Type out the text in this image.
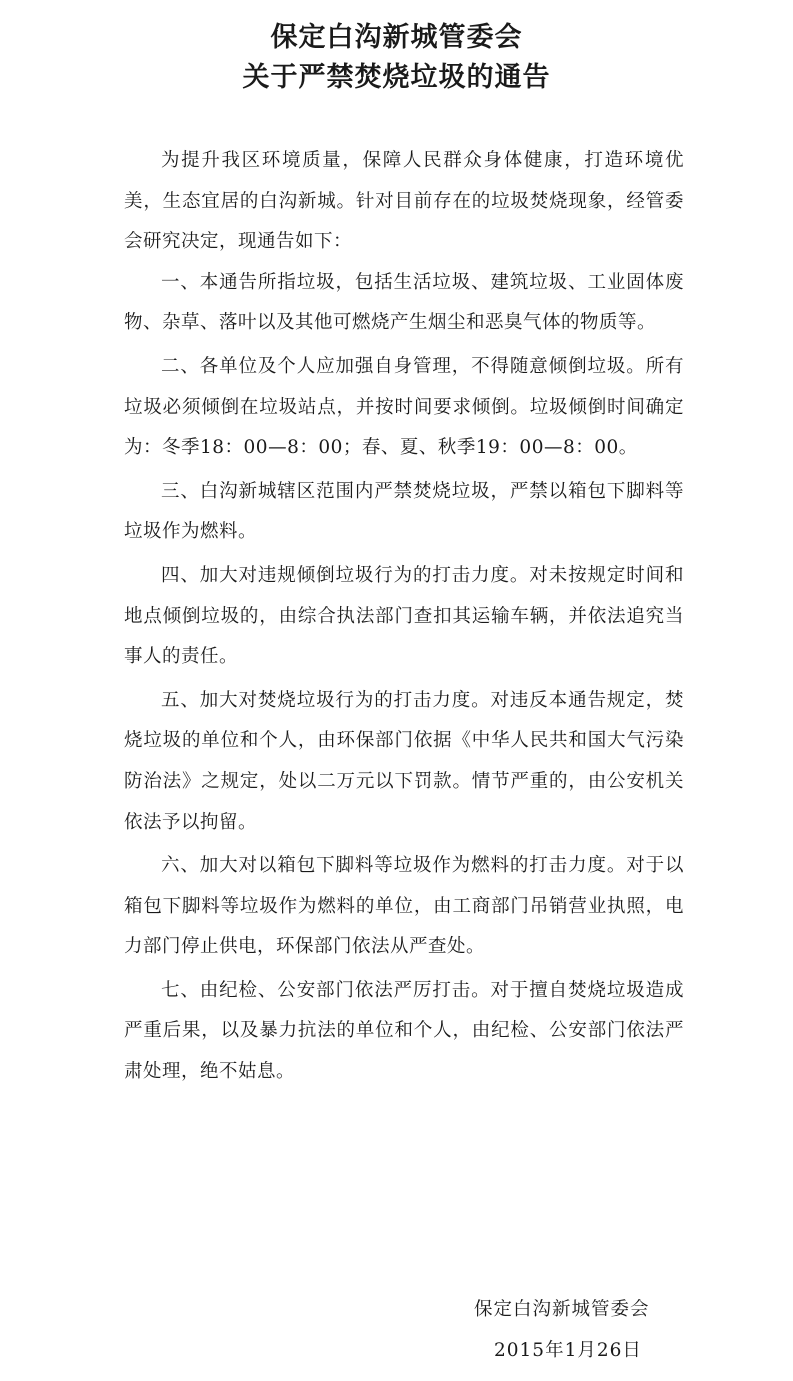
保定白沟新城管委会
关于严禁焚烧垃圾的通告

为提升我区环境质量，保障人民群众身体健康，打造环境优美，生态宜居的白沟新城。针对目前存在的垃圾焚烧现象，经管委会研究决定，现通告如下：

一、本通告所指垃圾，包括生活垃圾、建筑垃圾、工业固体废物、杂草、落叶以及其他可燃烧产生烟尘和恶臭气体的物质等。

二、各单位及个人应加强自身管理，不得随意倾倒垃圾。所有垃圾必须倾倒在垃圾站点，并按时间要求倾倒。垃圾倾倒时间确定为：冬季18：00—8：00；春、夏、秋季19：00—8：00。

三、白沟新城辖区范围内严禁焚烧垃圾，严禁以箱包下脚料等垃圾作为燃料。

四、加大对违规倾倒垃圾行为的打击力度。对未按规定时间和地点倾倒垃圾的，由综合执法部门查扣其运输车辆，并依法追究当事人的责任。

五、加大对焚烧垃圾行为的打击力度。对违反本通告规定，焚烧垃圾的单位和个人，由环保部门依据《中华人民共和国大气污染防治法》之规定，处以二万元以下罚款。情节严重的，由公安机关依法予以拘留。

六、加大对以箱包下脚料等垃圾作为燃料的打击力度。对于以箱包下脚料等垃圾作为燃料的单位，由工商部门吊销营业执照，电力部门停止供电，环保部门依法从严查处。

七、由纪检、公安部门依法严厉打击。对于擅自焚烧垃圾造成严重后果，以及暴力抗法的单位和个人，由纪检、公安部门依法严肃处理，绝不姑息。

保定白沟新城管委会
2015年1月26日
